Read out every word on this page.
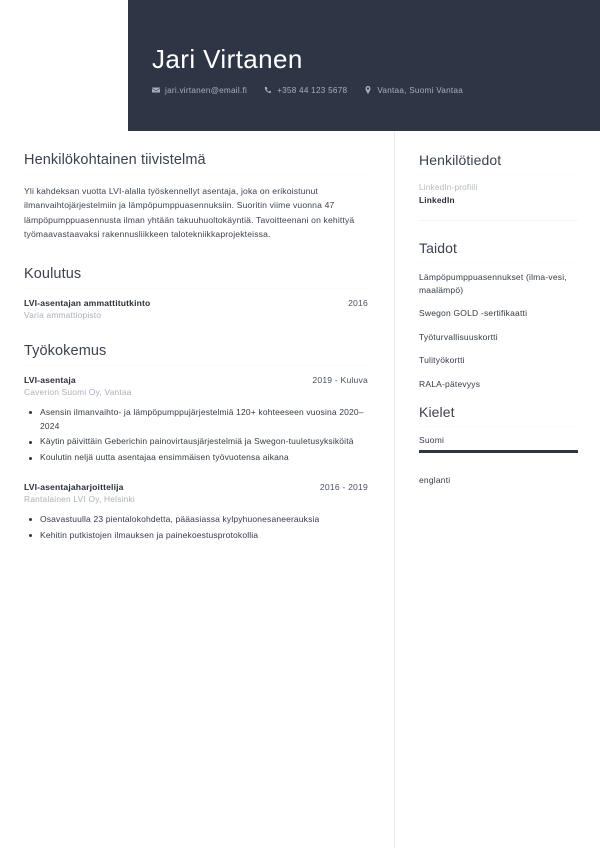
Jari Virtanen
jari.virtanen@email.fi	+358 44 123 5678	Vantaa, Suomi Vantaa
Henkilökohtainen tiivistelmä
Yli kahdeksan vuotta LVI-alalla työskennellyt asentaja, joka on erikoistunut ilmanvaihtojärjestelmiin ja lämpöpumppuasennuksiin. Suoritin viime vuonna 47 lämpöpumppuasennusta ilman yhtään takuuhuoltokäyntiä. Tavoitteenani on kehittyä työmaavastaavaksi rakennusliikkeen talotekniikkaprojekteissa.
Koulutus
LVI-asentajan ammattitutkinto	2016
Varia ammattiopisto
Työkokemus
LVI-asentaja	2019 - Kuluva
Caverion Suomi Oy, Vantaa
Asensin ilmanvaihto- ja lämpöpumppujärjestelmiä 120+ kohteeseen vuosina 2020–2024
Käytin päivittäin Geberichin painovirtausjärjestelmiä ja Swegon-tuuletusyksiköitä
Koulutin neljä uutta asentajaa ensimmäisen työvuotensa aikana
LVI-asentajaharjoittelija	2016 - 2019
Rantalainen LVI Oy, Helsinki
Osavastuulla 23 pientalokohdetta, pääasiassa kylpyhuonesaneerauksia
Kehitin putkistojen ilmauksen ja painekoestusprotokollia
Henkilötiedot
LinkedIn-profiili
LinkedIn
Taidot
Lämpöpumppuasennukset (ilma-vesi, maalämpö)
Swegon GOLD -sertifikaatti
Työturvallisuuskortti
Tulityökortti
RALA-pätevyys
Kielet
Suomi
englanti
